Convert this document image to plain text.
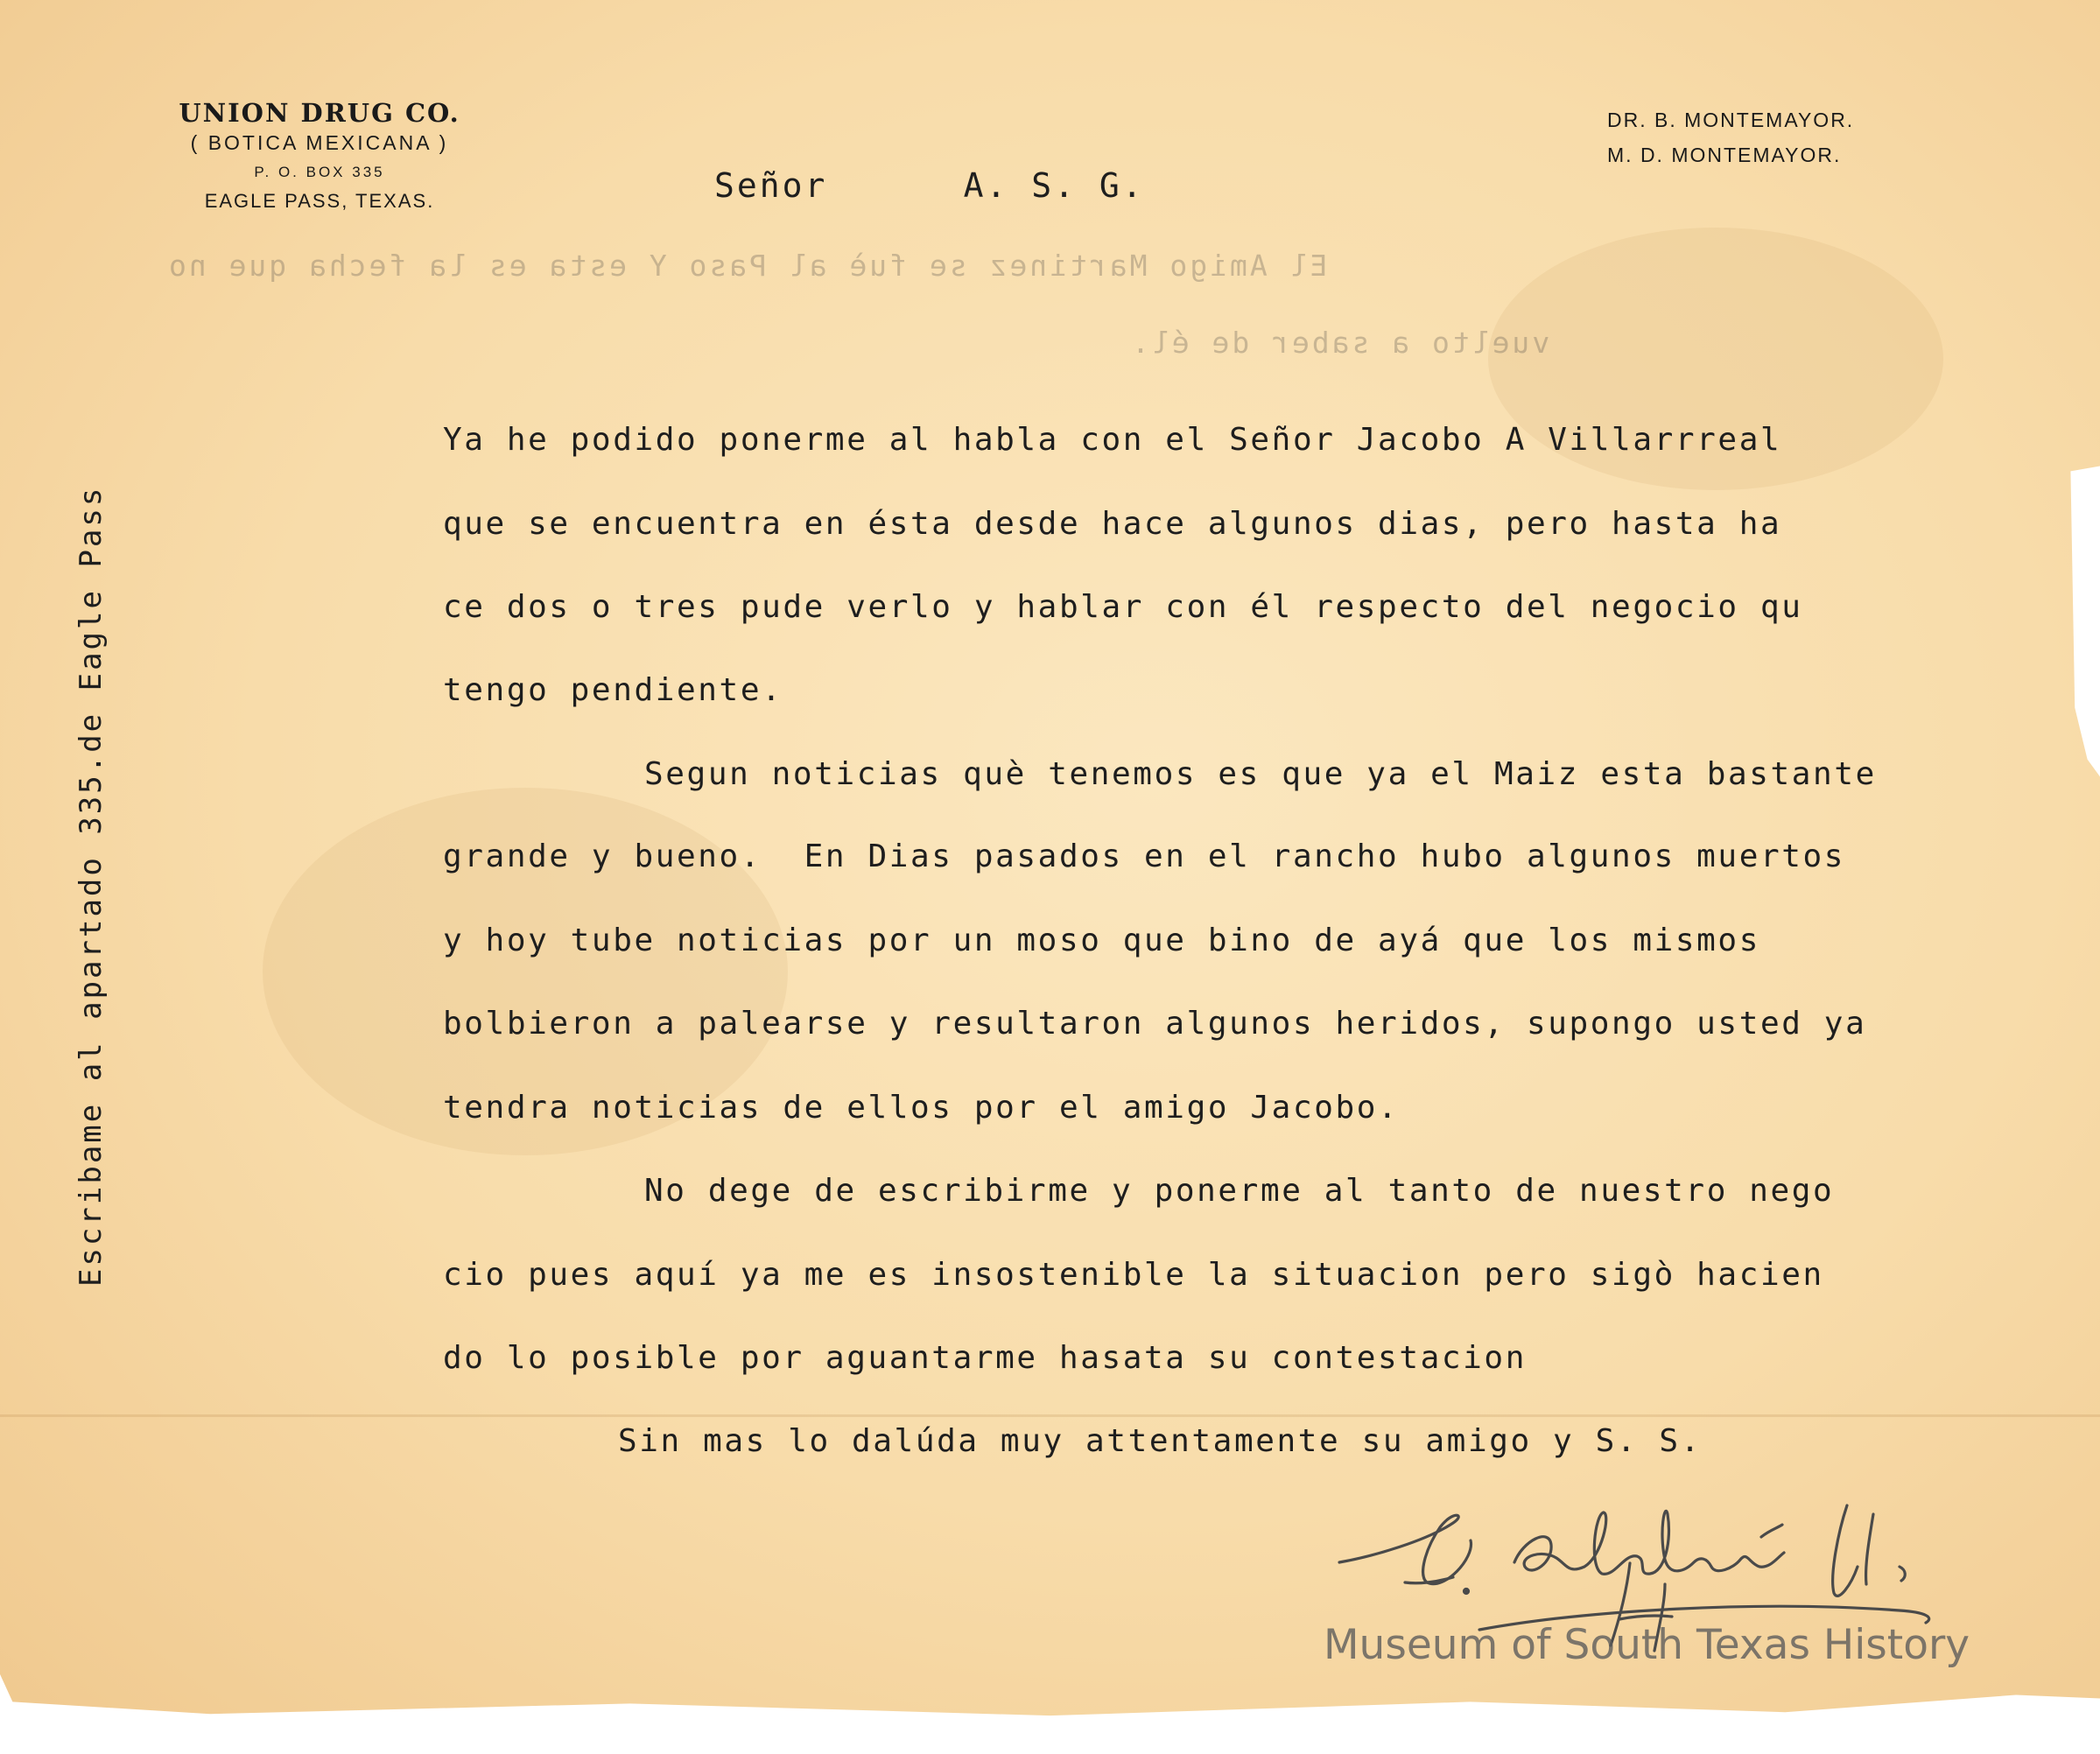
UNION DRUG CO.
( BOTICA MEXICANA )
P. O. BOX 335
EAGLE PASS, TEXAS.
DR. B. MONTEMAYOR.
M. D. MONTEMAYOR.
Señor      A. S. G.
El Amigo Martinez se fuè al Paso Y esta es la fecha que no
vuelto a saber de él.
Ya he podido ponerme al habla con el Señor Jacobo A Villarrreal
que se encuentra en ésta desde hace algunos dias, pero hasta ha
ce dos o tres pude verlo y hablar con él respecto del negocio qu
tengo pendiente.
Segun noticias què tenemos es que ya el Maiz esta bastante
grande y bueno.  En Dias pasados en el rancho hubo algunos muertos
y hoy tube noticias por un moso que bino de ayá que los mismos
bolbieron a palearse y resultaron algunos heridos, supongo usted ya
tendra noticias de ellos por el amigo Jacobo.
No dege de escribirme y ponerme al tanto de nuestro nego
cio pues aquí ya me es insostenible la situacion pero sigò hacien
do lo posible por aguantarme hasata su contestacion
Sin mas lo dalúda muy attentamente su amigo y S. S.
Escribame al apartado 335.de Eagle Pass
Museum of South Texas History
